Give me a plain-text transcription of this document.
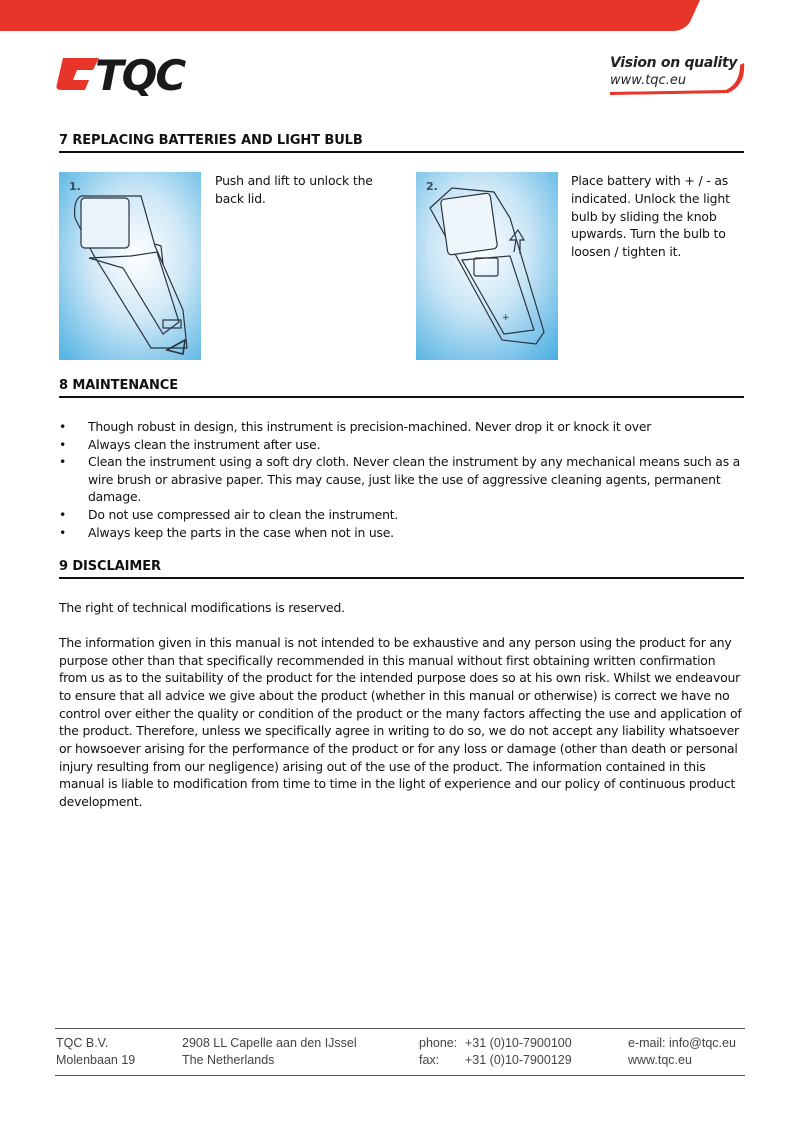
TQC	Vision on quality
www.tqc.eu
7 REPLACING BATTERIES AND LIGHT BULB
1.	Push and lift to unlock the back lid.
2.
+
Place battery with + / - as indicated. Unlock the light bulb by sliding the knob upwards. Turn the bulb to loosen / tighten it.
8 MAINTENANCE
• Though robust in design, this instrument is precision-machined. Never drop it or knock it over
• Always clean the instrument after use.
• Clean the instrument using a soft dry cloth. Never clean the instrument by any mechanical means such as a wire brush or abrasive paper. This may cause, just like the use of aggressive cleaning agents, permanent damage.
• Do not use compressed air to clean the instrument.
• Always keep the parts in the case when not in use.
9 DISCLAIMER

The right of technical modifications is reserved.

The information given in this manual is not intended to be exhaustive and any person using the product for any purpose other than that specifically recommended in this manual without first obtaining written confirmation from us as to the suitability of the product for the intended purpose does so at his own risk. Whilst we endeavour to ensure that all advice we give about the product (whether in this manual or otherwise) is correct we have no control over either the quality or condition of the product or the many factors affecting the use and application of the product. Therefore, unless we specifically agree in writing to do so, we do not accept any liability whatsoever or howsoever arising for the performance of the product or for any loss or damage (other than death or personal injury resulting from our negligence) arising out of the use of the product. The information contained in this manual is liable to modification from time to time in the light of experience and our policy of continuous product development.

TQC B.V.
Molenbaan 19
2908 LL Capelle aan den IJssel
The Netherlands
phone: +31 (0)10-7900100
fax: +31 (0)10-7900129
e-mail: info@tqc.eu
www.tqc.eu
